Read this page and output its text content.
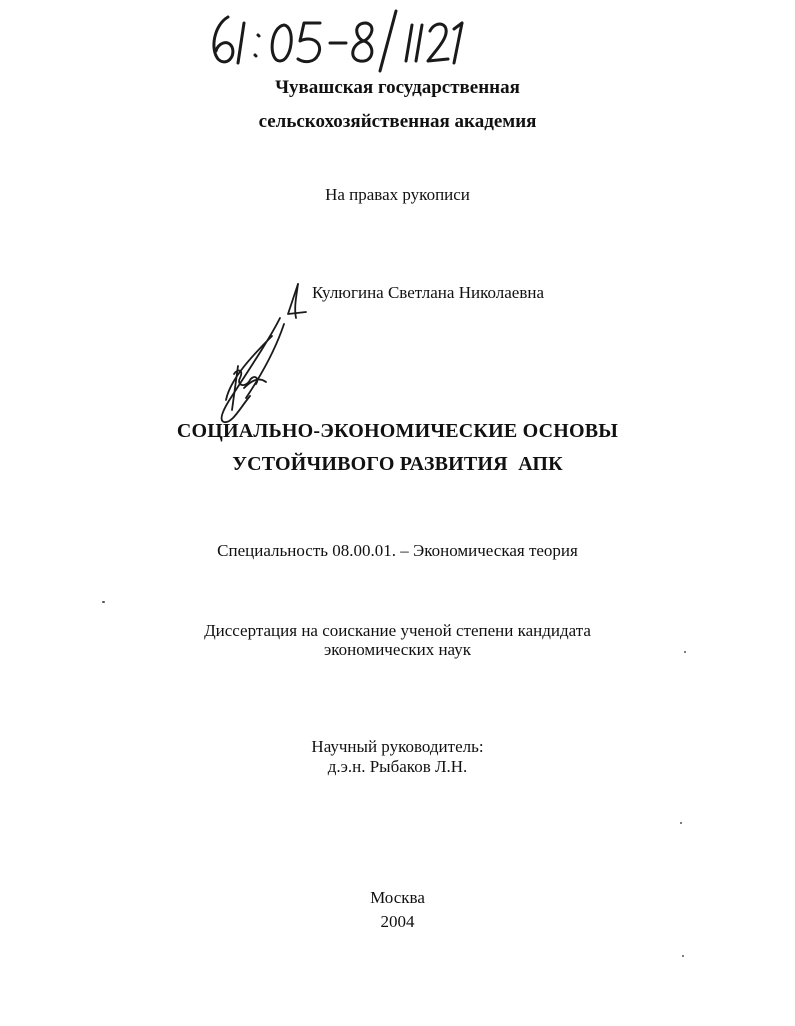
Чувашская государственная
сельскохозяйственная академия
На правах рукописи
Кулюгина Светлана Николаевна
СОЦИАЛЬНО-ЭКОНОМИЧЕСКИЕ ОСНОВЫ
УСТОЙЧИВОГО РАЗВИТИЯ  АПК
Специальность 08.00.01. – Экономическая теория
Диссертация на соискание ученой степени кандидата
экономических наук
Научный руководитель:
д.э.н. Рыбаков Л.Н.
Москва
2004
